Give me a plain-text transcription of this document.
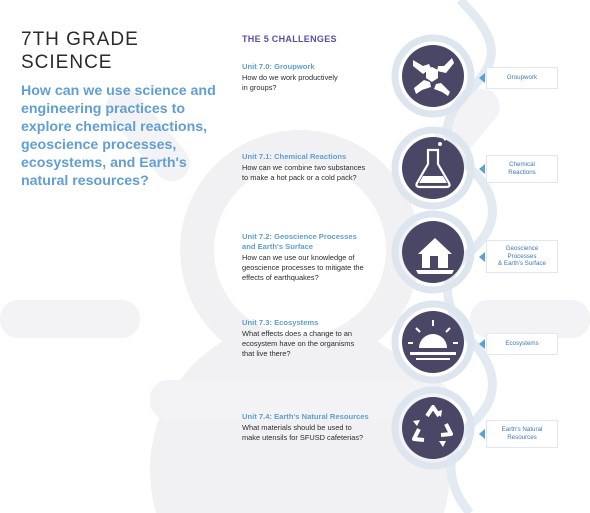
7TH GRADE
SCIENCE

How can we use science and engineering practices to explore chemical reactions, geoscience processes, ecosystems, and Earth's natural resources?

THE 5 CHALLENGES
Unit 7.0: Groupwork
How do we work productively
in groups?
Unit 7.1: Chemical Reactions
How can we combine two substances
to make a hot pack or a cold pack?
Unit 7.2: Geoscience Processes
and Earth's Surface
How can we use our knowledge of
geoscience processes to mitigate the
effects of earthquakes?
Unit 7.3: Ecosystems
What effects does a change to an
ecosystem have on the organisms
that live there?
Unit 7.4: Earth's Natural Resources
What materials should be used to
make utensils for SFUSD cafeterias?
Groupwork
Chemical
Reactions
Geoscience
Processes
& Earth's Surface
Ecosystems
Earth's Natural
Resources
